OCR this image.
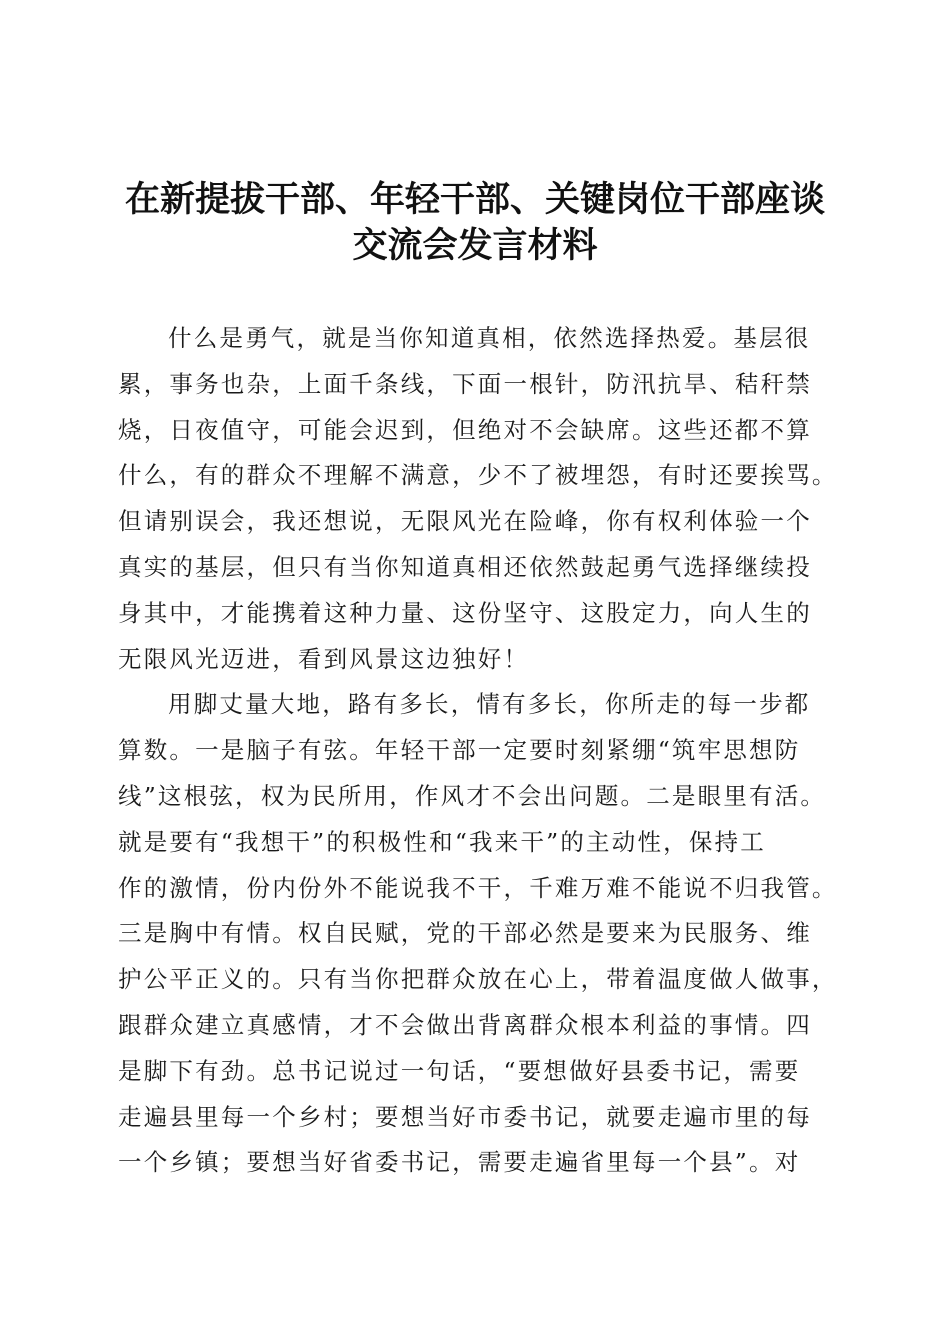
在新提拔干部、年轻干部、关键岗位干部座谈
交流会发言材料
什么是勇气，就是当你知道真相，依然选择热爱。基层很
累，事务也杂，上面千条线，下面一根针，防汛抗旱、秸秆禁
烧，日夜值守，可能会迟到，但绝对不会缺席。这些还都不算
什么，有的群众不理解不满意，少不了被埋怨，有时还要挨骂。
但请别误会，我还想说，无限风光在险峰，你有权利体验一个
真实的基层，但只有当你知道真相还依然鼓起勇气选择继续投
身其中，才能携着这种力量、这份坚守、这股定力，向人生的
无限风光迈进，看到风景这边独好！
用脚丈量大地，路有多长，情有多长，你所走的每一步都
算数。一是脑子有弦。年轻干部一定要时刻紧绷“筑牢思想防
线”这根弦，权为民所用，作风才不会出问题。二是眼里有活。
就是要有“我想干”的积极性和“我来干”的主动性，保持工
作的激情，份内份外不能说我不干，千难万难不能说不归我管。
三是胸中有情。权自民赋，党的干部必然是要来为民服务、维
护公平正义的。只有当你把群众放在心上，带着温度做人做事，
跟群众建立真感情，才不会做出背离群众根本利益的事情。四
是脚下有劲。总书记说过一句话，“要想做好县委书记，需要
走遍县里每一个乡村；要想当好市委书记，就要走遍市里的每
一个乡镇；要想当好省委书记，需要走遍省里每一个县”。对
